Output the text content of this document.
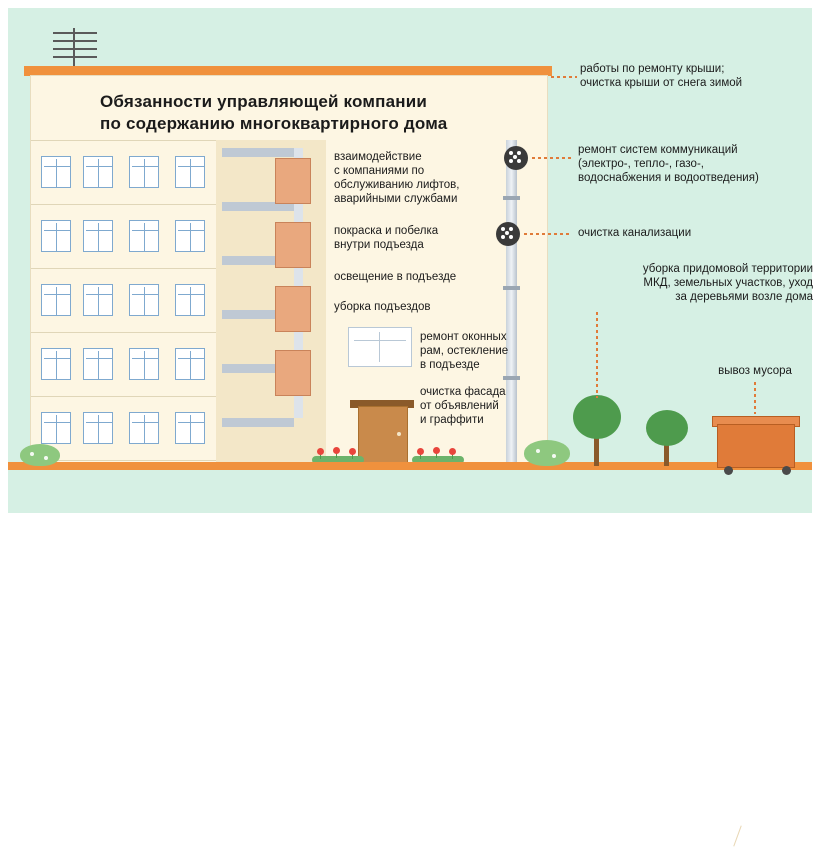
Обязанности управляющей компании
по содержанию многоквартирного дома
взаимодействие
с компаниями по
обслуживанию лифтов,
аварийными службами
покраска и побелка
внутри подъезда
освещение в подъезде
уборка подъездов
ремонт оконных
рам, остекление
в подъезде
очистка фасада
от объявлений
и граффити
работы по ремонту крыши;
очистка крыши от снега зимой
ремонт систем коммуникаций
(электро-, тепло-, газо-,
водоснабжения и водоотведения)
очистка канализации
уборка придомовой территории
МКД, земельных участков, уход
за деревьями возле дома
вывоз мусора
